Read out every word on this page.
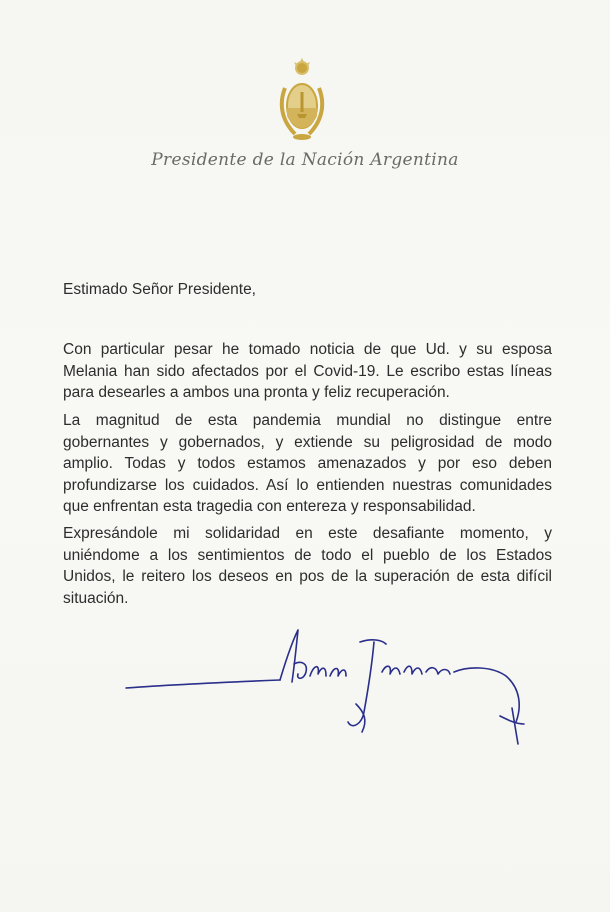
Presidente de la Nación Argentina
Estimado Señor Presidente,

Con particular pesar he tomado noticia de que Ud. y su esposa Melania han sido afectados por el Covid-19. Le escribo estas líneas para desearles a ambos una pronta y feliz recuperación.

La magnitud de esta pandemia mundial no distingue entre gobernantes y gobernados, y extiende su peligrosidad de modo amplio. Todas y todos estamos amenazados y por eso deben profundizarse los cuidados. Así lo entienden nuestras comunidades que enfrentan esta tragedia con entereza y responsabilidad.

Expresándole mi solidaridad en este desafiante momento, y uniéndome a los sentimientos de todo el pueblo de los Estados Unidos, le reitero los deseos en pos de la superación de esta difícil situación.
